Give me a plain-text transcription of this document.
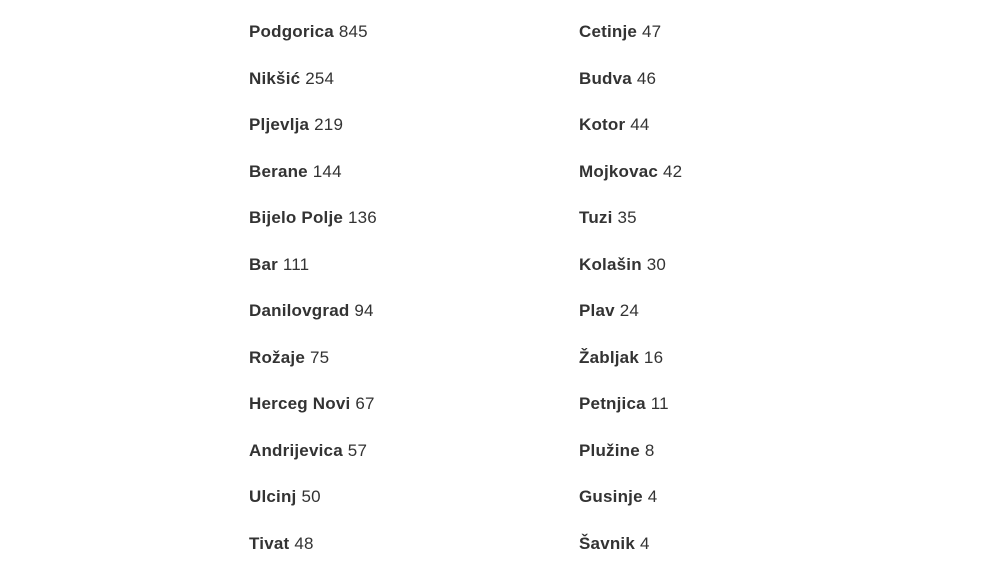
Podgorica 845
Nikšić 254
Pljevlja 219
Berane 144
Bijelo Polje 136
Bar 111
Danilovgrad 94
Rožaje 75
Herceg Novi 67
Andrijevica 57
Ulcinj 50
Tivat 48
Cetinje 47
Budva 46
Kotor 44
Mojkovac 42
Tuzi 35
Kolašin 30
Plav 24
Žabljak 16
Petnjica 11
Plužine 8
Gusinje 4
Šavnik 4
